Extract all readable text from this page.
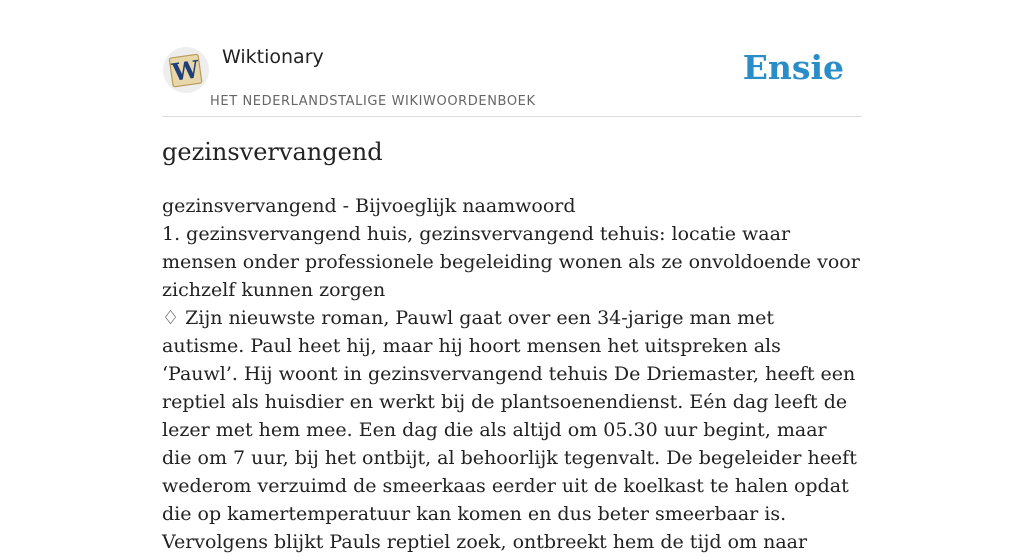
W Wiktionary
HET NEDERLANDSTALIGE WIKIWOORDENBOEK
Ensie
gezinsvervangend

gezinsvervangend - Bijvoeglijk naamwoord

1. gezinsvervangend huis, gezinsvervangend tehuis: locatie waar mensen onder professionele begeleiding wonen als ze onvoldoende voor zichzelf kunnen zorgen

♢ Zijn nieuwste roman, Pauwl gaat over een 34-jarige man met autisme. Paul heet hij, maar hij hoort mensen het uitspreken als ‘Pauwl’. Hij woont in gezinsvervangend tehuis De Driemaster, heeft een reptiel als huisdier en werkt bij de plantsoenendienst. Eén dag leeft de lezer met hem mee. Een dag die als altijd om 05.30 uur begint, maar die om 7 uur, bij het ontbijt, al behoorlijk tegenvalt. De begeleider heeft wederom verzuimd de smeerkaas eerder uit de koelkast te halen opdat die op kamertemperatuur kan komen en dus beter smeerbaar is. Vervolgens blijkt Pauls reptiel zoek, ontbreekt hem de tijd om naar
